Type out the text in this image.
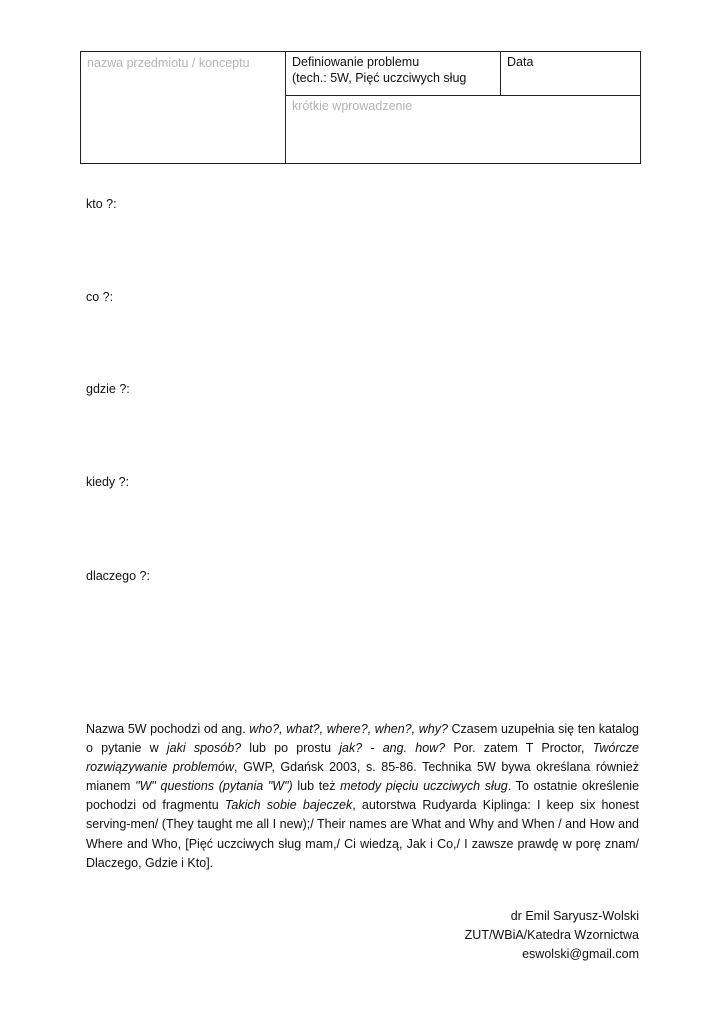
nazwa przedmiotu / konceptu	Definiowanie problemu
(tech.: 5W, Pięć uczciwych sług
Data
krótkie wprowadzenie
kto ?:
co ?:
gdzie ?:
kiedy ?:
dlaczego ?:
Nazwa 5W pochodzi od ang. who?, what?, where?, when?, why? Czasem uzupełnia się ten katalog o pytanie w jaki sposób? lub po prostu jak? - ang. how? Por. zatem T Proctor, Twórcze rozwiązywanie problemów, GWP, Gdańsk 2003, s. 85-86. Technika 5W bywa określana również mianem "W" questions (pytania "W") lub też metody pięciu uczciwych sług. To ostatnie określenie pochodzi od fragmentu Takich sobie bajeczek, autorstwa Rudyarda Kiplinga: I keep six honest serving-men/ (They taught me all I new);/ Their names are What and Why and When / and How and Where and Who, [Pięć uczciwych sług mam,/ Ci wiedzą, Jak i Co,/ I zawsze prawdę w porę znam/ Dlaczego, Gdzie i Kto].
dr Emil Saryusz-Wolski
ZUT/WBiA/Katedra Wzornictwa
eswolski@gmail.com
